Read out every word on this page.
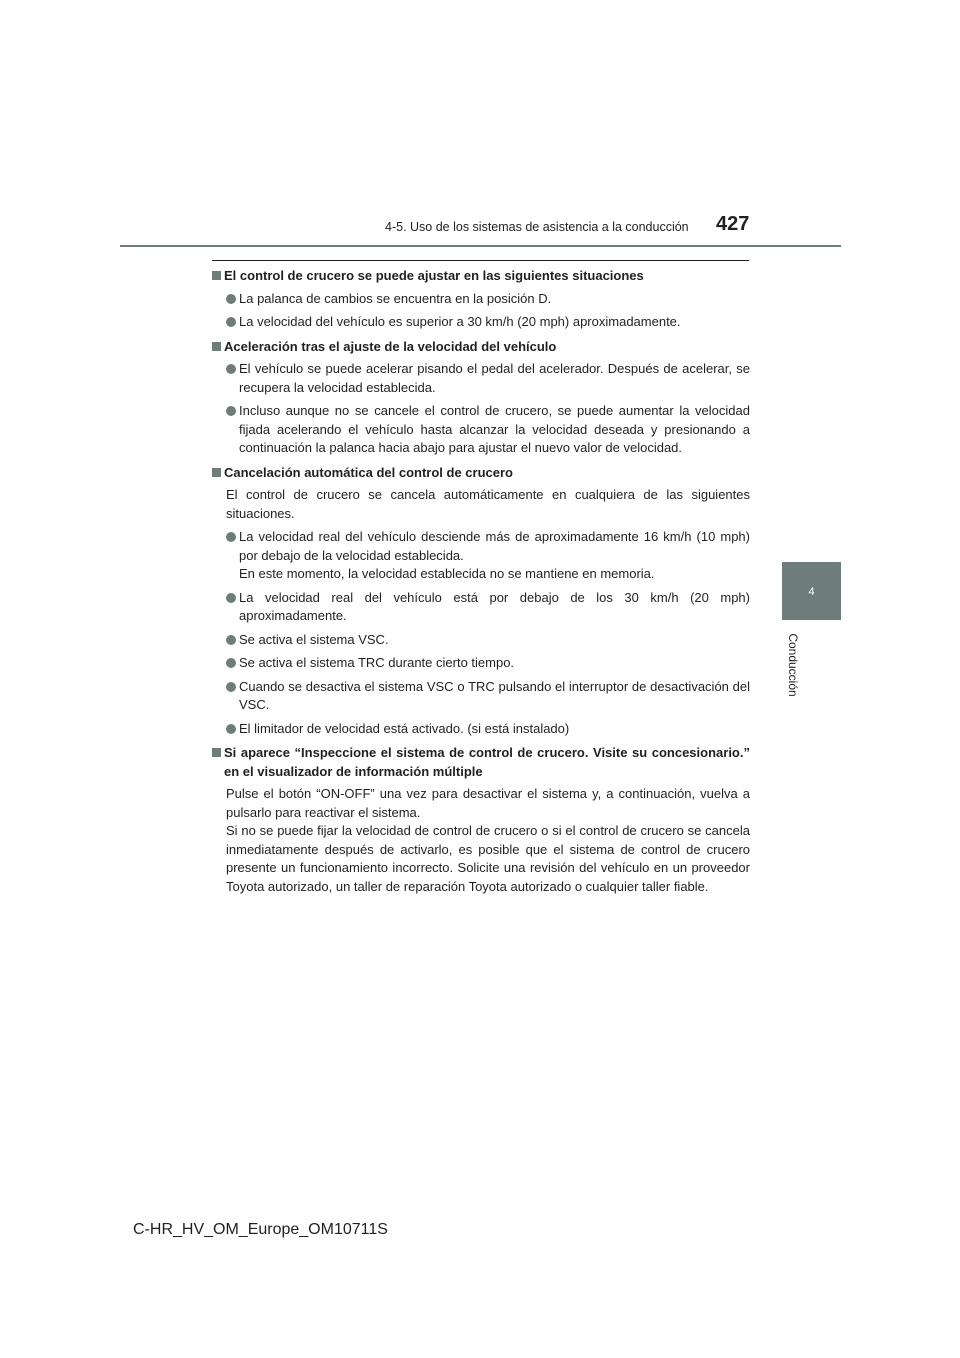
4-5. Uso de los sistemas de asistencia a la conducción 427
4
Conducción
El control de crucero se puede ajustar en las siguientes situaciones
La palanca de cambios se encuentra en la posición D.
La velocidad del vehículo es superior a 30 km/h (20 mph) aproximadamente.
Aceleración tras el ajuste de la velocidad del vehículo
El vehículo se puede acelerar pisando el pedal del acelerador. Después de acelerar, se recupera la velocidad establecida.
Incluso aunque no se cancele el control de crucero, se puede aumentar la velocidad fijada acelerando el vehículo hasta alcanzar la velocidad deseada y presionando a continuación la palanca hacia abajo para ajustar el nuevo valor de velocidad.
Cancelación automática del control de crucero
El control de crucero se cancela automáticamente en cualquiera de las siguientes situaciones.
La velocidad real del vehículo desciende más de aproximadamente 16 km/h (10 mph) por debajo de la velocidad establecida.
En este momento, la velocidad establecida no se mantiene en memoria.
La velocidad real del vehículo está por debajo de los 30 km/h (20 mph) aproximadamente.
Se activa el sistema VSC.
Se activa el sistema TRC durante cierto tiempo.
Cuando se desactiva el sistema VSC o TRC pulsando el interruptor de desactivación del VSC.
El limitador de velocidad está activado. (si está instalado)
Si aparece “Inspeccione el sistema de control de crucero. Visite su concesionario.” en el visualizador de información múltiple
Pulse el botón “ON-OFF” una vez para desactivar el sistema y, a continuación, vuelva a pulsarlo para reactivar el sistema.
Si no se puede fijar la velocidad de control de crucero o si el control de crucero se cancela inmediatamente después de activarlo, es posible que el sistema de control de crucero presente un funcionamiento incorrecto. Solicite una revisión del vehículo en un proveedor Toyota autorizado, un taller de reparación Toyota autorizado o cualquier taller fiable.
C-HR_HV_OM_Europe_OM10711S
